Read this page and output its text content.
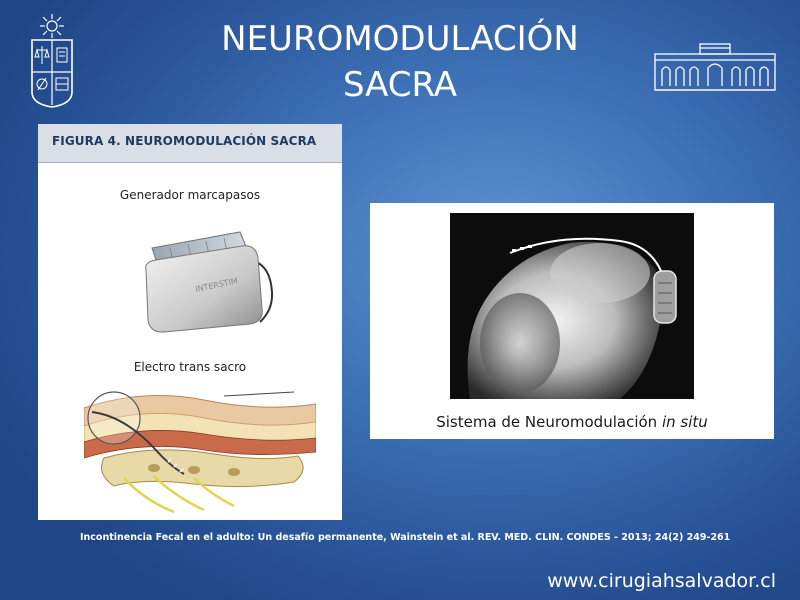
NEUROMODULACIÓN
SACRA
FIGURA 4. NEUROMODULACIÓN SACRA
Generador marcapasos
INTERSTIM
Electro trans sacro
Sistema de Neuromodulación in situ
Incontinencia Fecal en el adulto: Un desafío permanente, Wainstein et al. REV. MED. CLIN. CONDES - 2013; 24(2) 249-261
www.cirugiahsalvador.cl
